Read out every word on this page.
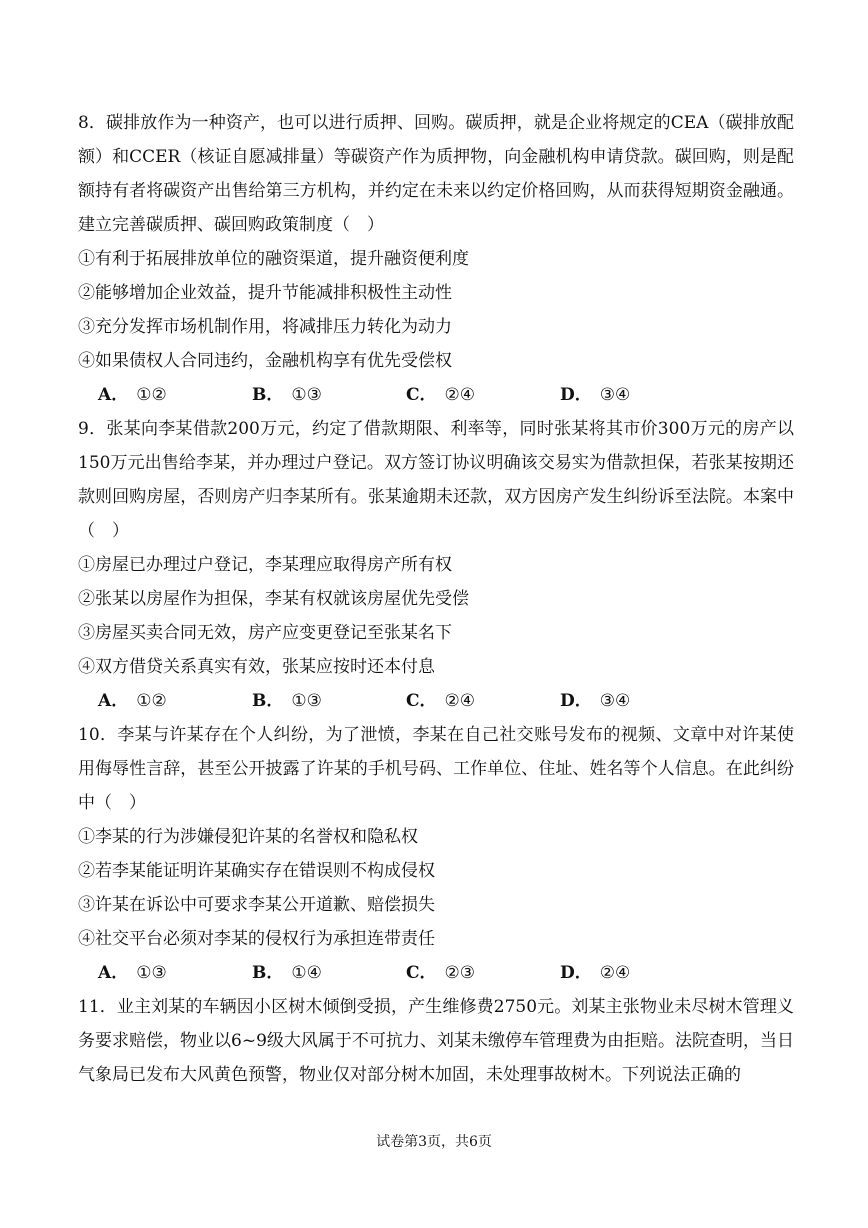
8．碳排放作为一种资产，也可以进行质押、回购。碳质押，就是企业将规定的CEA（碳排放配额）和CCER（核证自愿减排量）等碳资产作为质押物，向金融机构申请贷款。碳回购，则是配额持有者将碳资产出售给第三方机构，并约定在未来以约定价格回购，从而获得短期资金融通。建立完善碳质押、碳回购政策制度（　）

①有利于拓展排放单位的融资渠道，提升融资便利度

②能够增加企业效益，提升节能减排积极性主动性

③充分发挥市场机制作用，将减排压力转化为动力

④如果债权人合同违约，金融机构享有优先受偿权

A． ①②	B． ①③	C． ②④	D． ③④

9．张某向李某借款200万元，约定了借款期限、利率等，同时张某将其市价300万元的房产以150万元出售给李某，并办理过户登记。双方签订协议明确该交易实为借款担保，若张某按期还款则回购房屋，否则房产归李某所有。张某逾期未还款，双方因房产发生纠纷诉至法院。本案中（　）

①房屋已办理过户登记，李某理应取得房产所有权

②张某以房屋作为担保，李某有权就该房屋优先受偿

③房屋买卖合同无效，房产应变更登记至张某名下

④双方借贷关系真实有效，张某应按时还本付息

A． ①②	B． ①③	C． ②④	D． ③④

10．李某与许某存在个人纠纷，为了泄愤，李某在自己社交账号发布的视频、文章中对许某使用侮辱性言辞，甚至公开披露了许某的手机号码、工作单位、住址、姓名等个人信息。在此纠纷中（　）

①李某的行为涉嫌侵犯许某的名誉权和隐私权

②若李某能证明许某确实存在错误则不构成侵权

③许某在诉讼中可要求李某公开道歉、赔偿损失

④社交平台必须对李某的侵权行为承担连带责任

A． ①③	B． ①④	C． ②③	D． ②④

11．业主刘某的车辆因小区树木倾倒受损，产生维修费2750元。刘某主张物业未尽树木管理义务要求赔偿，物业以6~9级大风属于不可抗力、刘某未缴停车管理费为由拒赔。法院查明，当日气象局已发布大风黄色预警，物业仅对部分树木加固，未处理事故树木。下列说法正确的

试卷第3页，共6页
